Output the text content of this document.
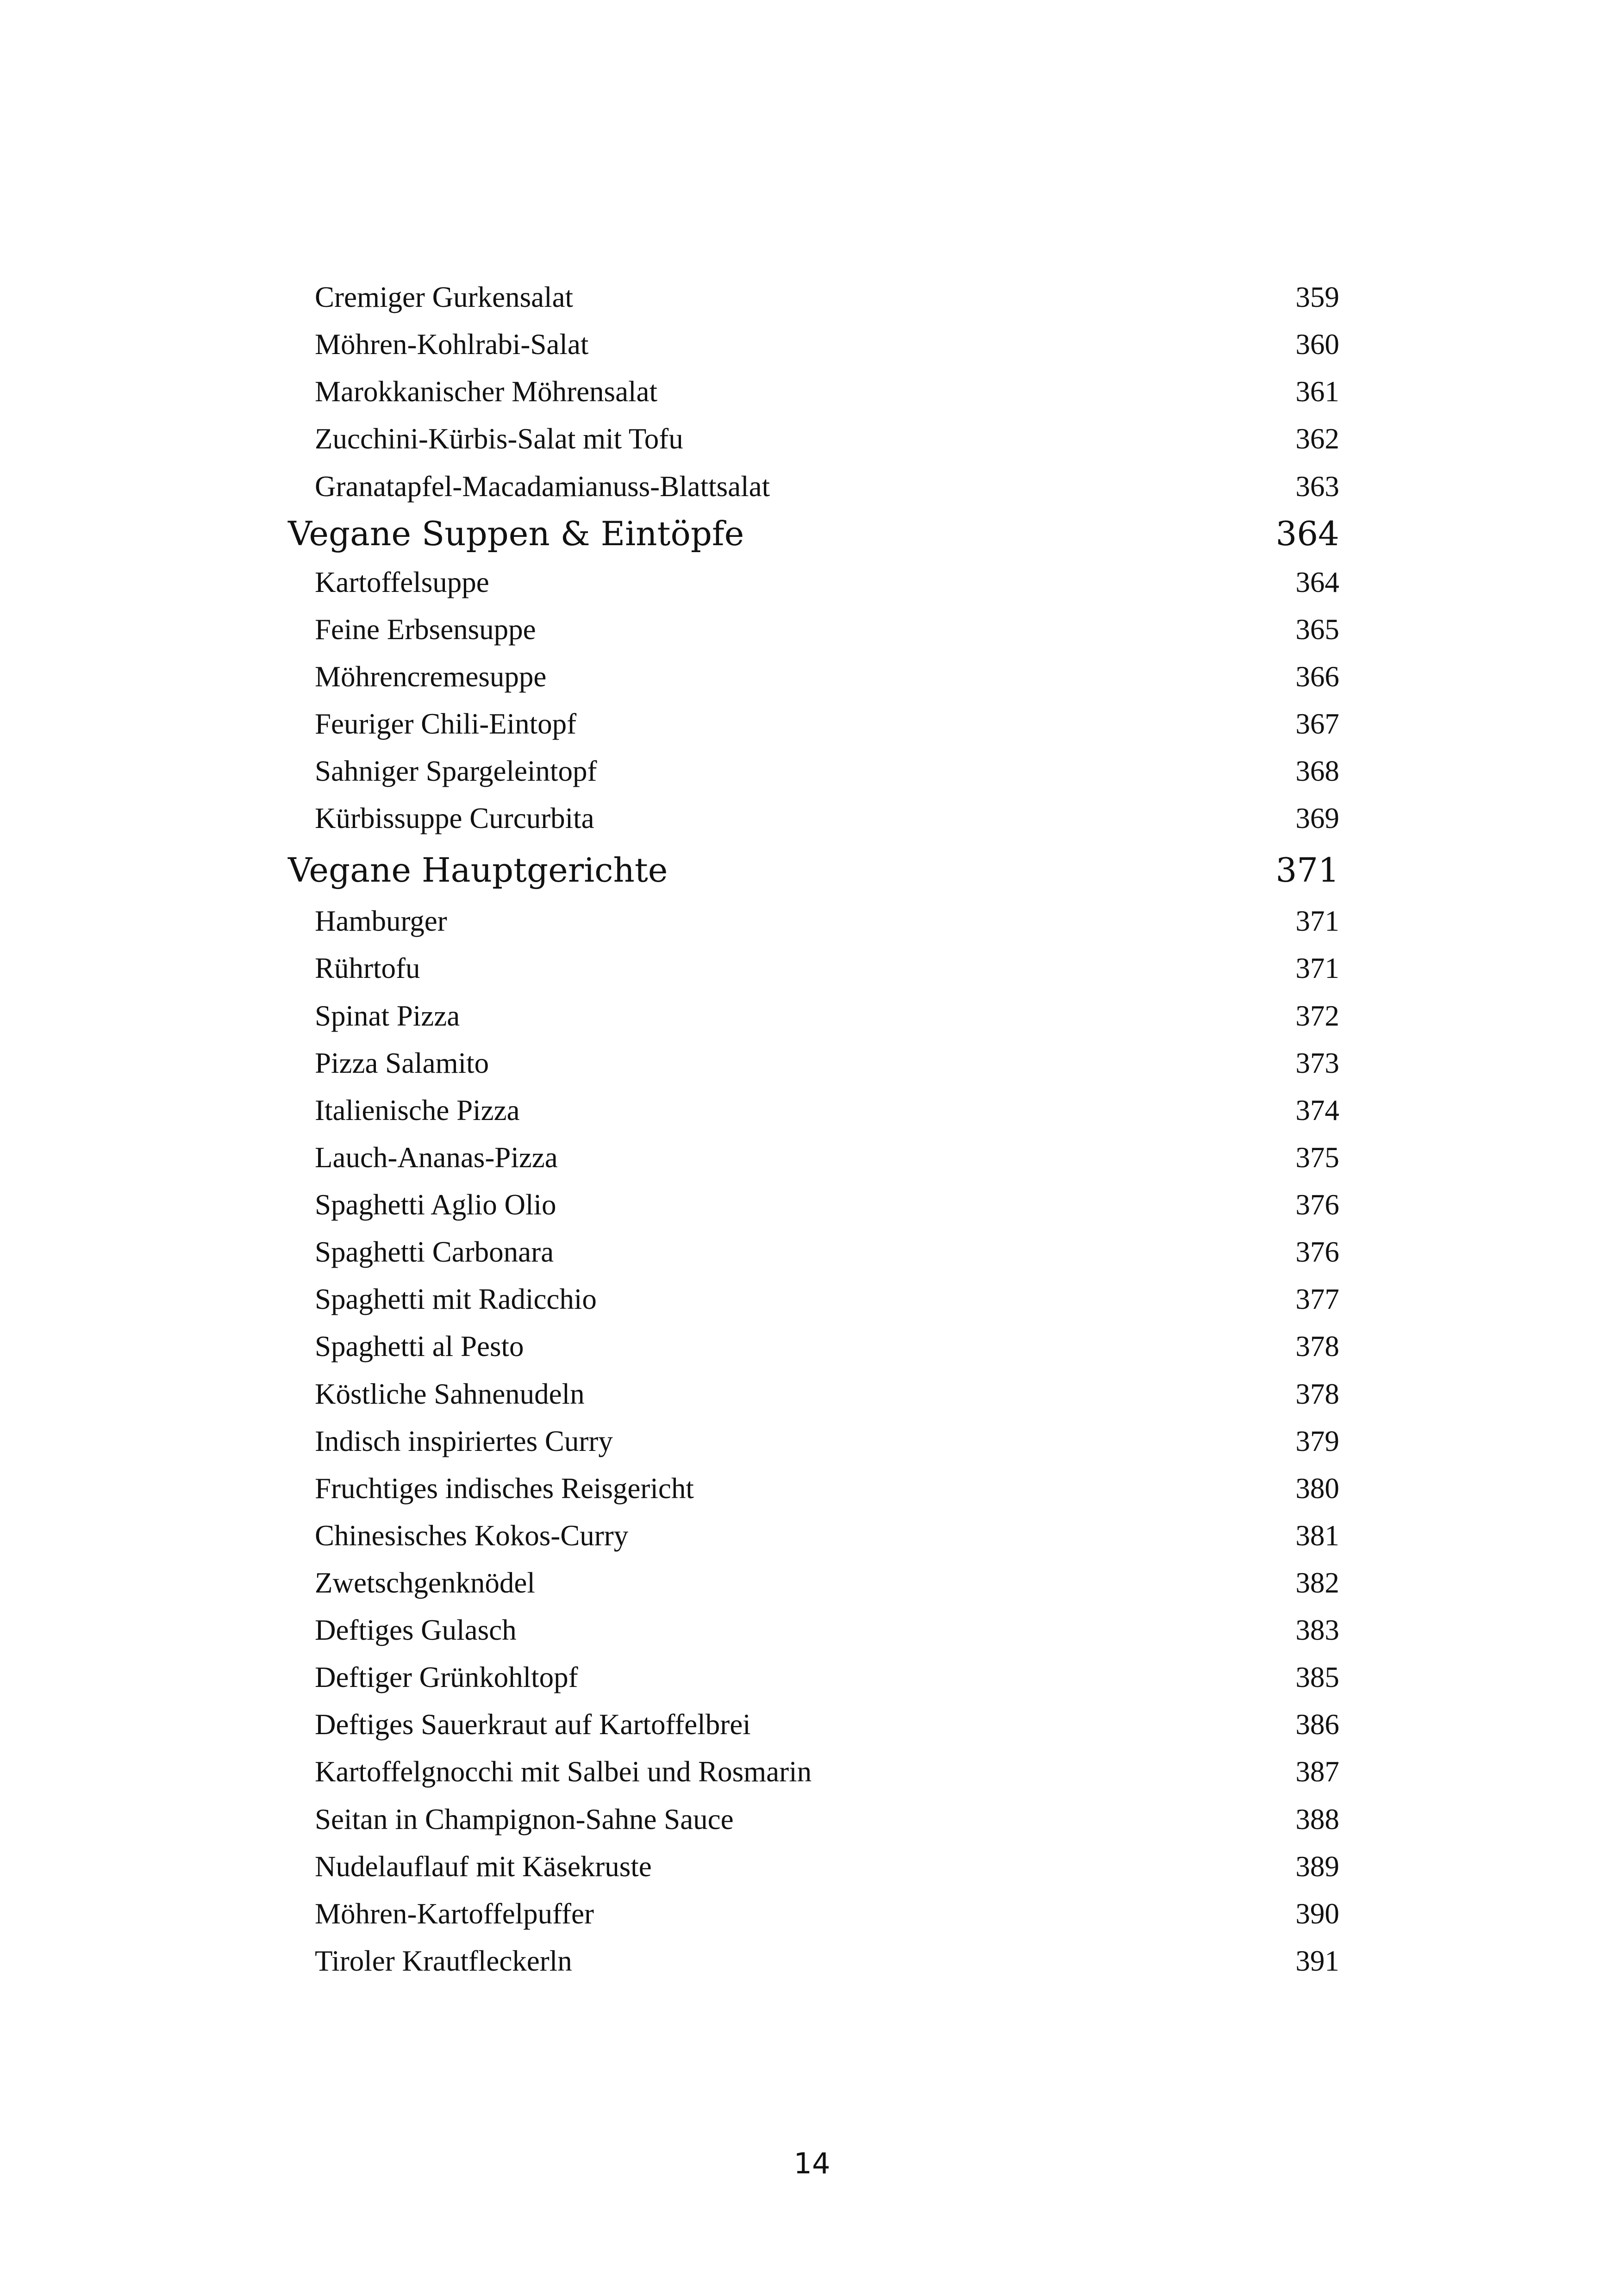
Cremiger Gurkensalat	359
Möhren-Kohlrabi-Salat	360
Marokkanischer Möhrensalat	361
Zucchini-Kürbis-Salat mit Tofu	362
Granatapfel-Macadamianuss-Blattsalat	363
Vegane Suppen & Eintöpfe	364
Kartoffelsuppe	364
Feine Erbsensuppe	365
Möhrencremesuppe	366
Feuriger Chili-Eintopf	367
Sahniger Spargeleintopf	368
Kürbissuppe Curcurbita	369
Vegane Hauptgerichte	371
Hamburger	371
Rührtofu	371
Spinat Pizza	372
Pizza Salamito	373
Italienische Pizza	374
Lauch-Ananas-Pizza	375
Spaghetti Aglio Olio	376
Spaghetti Carbonara	376
Spaghetti mit Radicchio	377
Spaghetti al Pesto	378
Köstliche Sahnenudeln	378
Indisch inspiriertes Curry	379
Fruchtiges indisches Reisgericht	380
Chinesisches Kokos-Curry	381
Zwetschgenknödel	382
Deftiges Gulasch	383
Deftiger Grünkohltopf	385
Deftiges Sauerkraut auf Kartoffelbrei	386
Kartoffelgnocchi mit Salbei und Rosmarin	387
Seitan in Champignon-Sahne Sauce	388
Nudelauflauf mit Käsekruste	389
Möhren-Kartoffelpuffer	390
Tiroler Krautfleckerln	391
14
